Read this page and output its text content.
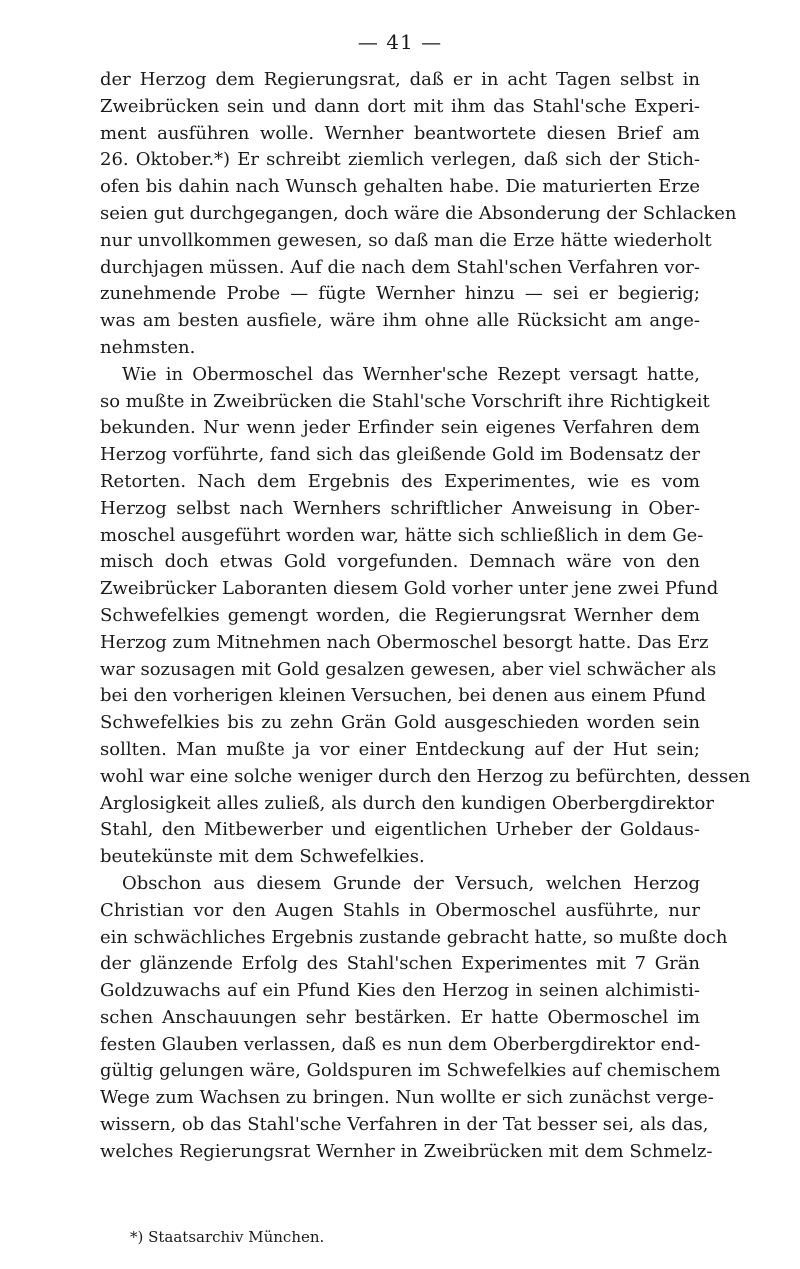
— 41 —
der Herzog dem Regierungsrat, daß er in acht Tagen selbst in
Zweibrücken sein und dann dort mit ihm das Stahl'sche Experi-
ment ausführen wolle. Wernher beantwortete diesen Brief am
26. Oktober.*) Er schreibt ziemlich verlegen, daß sich der Stich-
ofen bis dahin nach Wunsch gehalten habe. Die maturierten Erze
seien gut durchgegangen, doch wäre die Absonderung der Schlacken
nur unvollkommen gewesen, so daß man die Erze hätte wiederholt
durchjagen müssen. Auf die nach dem Stahl'schen Verfahren vor-
zunehmende Probe — fügte Wernher hinzu — sei er begierig;
was am besten ausfiele, wäre ihm ohne alle Rücksicht am ange-
nehmsten.
Wie in Obermoschel das Wernher'sche Rezept versagt hatte,
so mußte in Zweibrücken die Stahl'sche Vorschrift ihre Richtigkeit
bekunden. Nur wenn jeder Erfinder sein eigenes Verfahren dem
Herzog vorführte, fand sich das gleißende Gold im Bodensatz der
Retorten. Nach dem Ergebnis des Experimentes, wie es vom
Herzog selbst nach Wernhers schriftlicher Anweisung in Ober-
moschel ausgeführt worden war, hätte sich schließlich in dem Ge-
misch doch etwas Gold vorgefunden. Demnach wäre von den
Zweibrücker Laboranten diesem Gold vorher unter jene zwei Pfund
Schwefelkies gemengt worden, die Regierungsrat Wernher dem
Herzog zum Mitnehmen nach Obermoschel besorgt hatte. Das Erz
war sozusagen mit Gold gesalzen gewesen, aber viel schwächer als
bei den vorherigen kleinen Versuchen, bei denen aus einem Pfund
Schwefelkies bis zu zehn Grän Gold ausgeschieden worden sein
sollten. Man mußte ja vor einer Entdeckung auf der Hut sein;
wohl war eine solche weniger durch den Herzog zu befürchten, dessen
Arglosigkeit alles zuließ, als durch den kundigen Oberbergdirektor
Stahl, den Mitbewerber und eigentlichen Urheber der Goldaus-
beutekünste mit dem Schwefelkies.
Obschon aus diesem Grunde der Versuch, welchen Herzog
Christian vor den Augen Stahls in Obermoschel ausführte, nur
ein schwächliches Ergebnis zustande gebracht hatte, so mußte doch
der glänzende Erfolg des Stahl'schen Experimentes mit 7 Grän
Goldzuwachs auf ein Pfund Kies den Herzog in seinen alchimisti-
schen Anschauungen sehr bestärken. Er hatte Obermoschel im
festen Glauben verlassen, daß es nun dem Oberbergdirektor end-
gültig gelungen wäre, Goldspuren im Schwefelkies auf chemischem
Wege zum Wachsen zu bringen. Nun wollte er sich zunächst verge-
wissern, ob das Stahl'sche Verfahren in der Tat besser sei, als das,
welches Regierungsrat Wernher in Zweibrücken mit dem Schmelz-
*) Staatsarchiv München.
